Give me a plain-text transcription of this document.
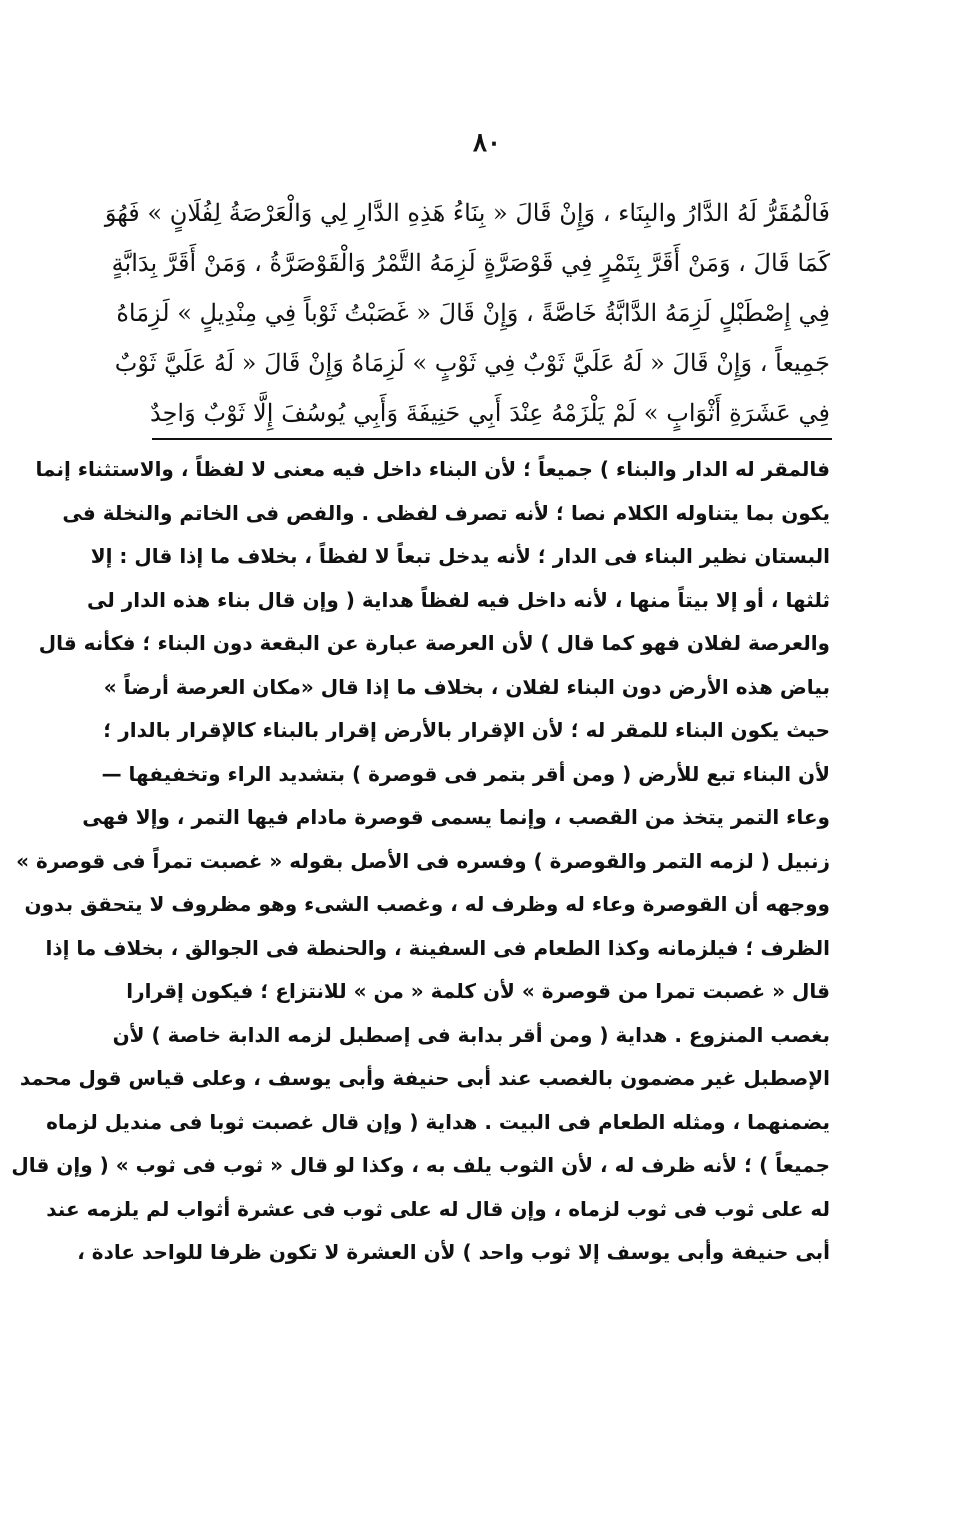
٨٠
فَالْمُقَرُّ لَهُ الدَّارُ والبِنَاء ، وَإِنْ قَالَ « بِنَاءُ هَذِهِ الدَّارِ لِي وَالْعَرْصَةُ لِفُلَانٍ » فَهُوَ
كَمَا قَالَ ، وَمَنْ أَقَرَّ بِتَمْرٍ فِي قَوْصَرَّةٍ لَزِمَهُ التَّمْرُ وَالْقَوْصَرَّةُ ، وَمَنْ أَقَرَّ بِدَابَّةٍ
فِي إِصْطَبْلٍ لَزِمَهُ الدَّابَّةُ خَاصَّةً ، وَإِنْ قَالَ « غَصَبْتُ ثَوْباً فِي مِنْدِيلٍ » لَزِمَاهُ
جَمِيعاً ، وَإِنْ قَالَ « لَهُ عَلَيَّ ثَوْبٌ فِي ثَوْبٍ » لَزِمَاهُ وَإِنْ قَالَ « لَهُ عَلَيَّ ثَوْبٌ
فِي عَشَرَةِ أَثْوَابٍ » لَمْ يَلْزَمْهُ عِنْدَ أَبِي حَنِيفَةَ وَأَبِي يُوسُفَ إِلَّا ثَوْبٌ وَاحِدٌ
فالمقر له الدار والبناء ) جميعاً ؛ لأن البناء داخل فيه معنى لا لفظاً ، والاستثناء إنما
يكون بما يتناوله الكلام نصا ؛ لأنه تصرف لفظى . والفص فى الخاتم والنخلة فى
البستان نظير البناء فى الدار ؛ لأنه يدخل تبعاً لا لفظاً ، بخلاف ما إذا قال : إلا
ثلثها ، أو إلا بيتاً منها ، لأنه داخل فيه لفظاً هداية ( وإن قال بناء هذه الدار لى
والعرصة لفلان فهو كما قال ) لأن العرصة عبارة عن البقعة دون البناء ؛ فكأنه قال
بياض هذه الأرض دون البناء لفلان ، بخلاف ما إذا قال «مكان العرصة أرضاً »
حيث يكون البناء للمقر له ؛ لأن الإقرار بالأرض إقرار بالبناء كالإقرار بالدار ؛
لأن البناء تبع للأرض ( ومن أقر بتمر فى قوصرة ) بتشديد الراء وتخفيفها —
وعاء التمر يتخذ من القصب ، وإنما يسمى قوصرة مادام فيها التمر ، وإلا فهى
زنبيل ( لزمه التمر والقوصرة ) وفسره فى الأصل بقوله « غصبت تمراً فى قوصرة »
ووجهه أن القوصرة وعاء له وظرف له ، وغصب الشىء وهو مظروف لا يتحقق بدون
الظرف ؛ فيلزمانه وكذا الطعام فى السفينة ، والحنطة فى الجوالق ، بخلاف ما إذا
قال « غصبت تمرا من قوصرة » لأن كلمة « من » للانتزاع ؛ فيكون إقرارا
بغصب المنزوع . هداية ( ومن أقر بدابة فى إصطبل لزمه الدابة خاصة ) لأن
الإصطبل غير مضمون بالغصب عند أبى حنيفة وأبى يوسف ، وعلى قياس قول محمد
يضمنهما ، ومثله الطعام فى البيت . هداية ( وإن قال غصبت ثوبا فى منديل لزماه
جميعاً ) ؛ لأنه ظرف له ، لأن الثوب يلف به ، وكذا لو قال « ثوب فى ثوب » ( وإن قال
له على ثوب فى ثوب لزماه ، وإن قال له على ثوب فى عشرة أثواب لم يلزمه عند
أبى حنيفة وأبى يوسف إلا ثوب واحد ) لأن العشرة لا تكون ظرفا للواحد عادة ،
